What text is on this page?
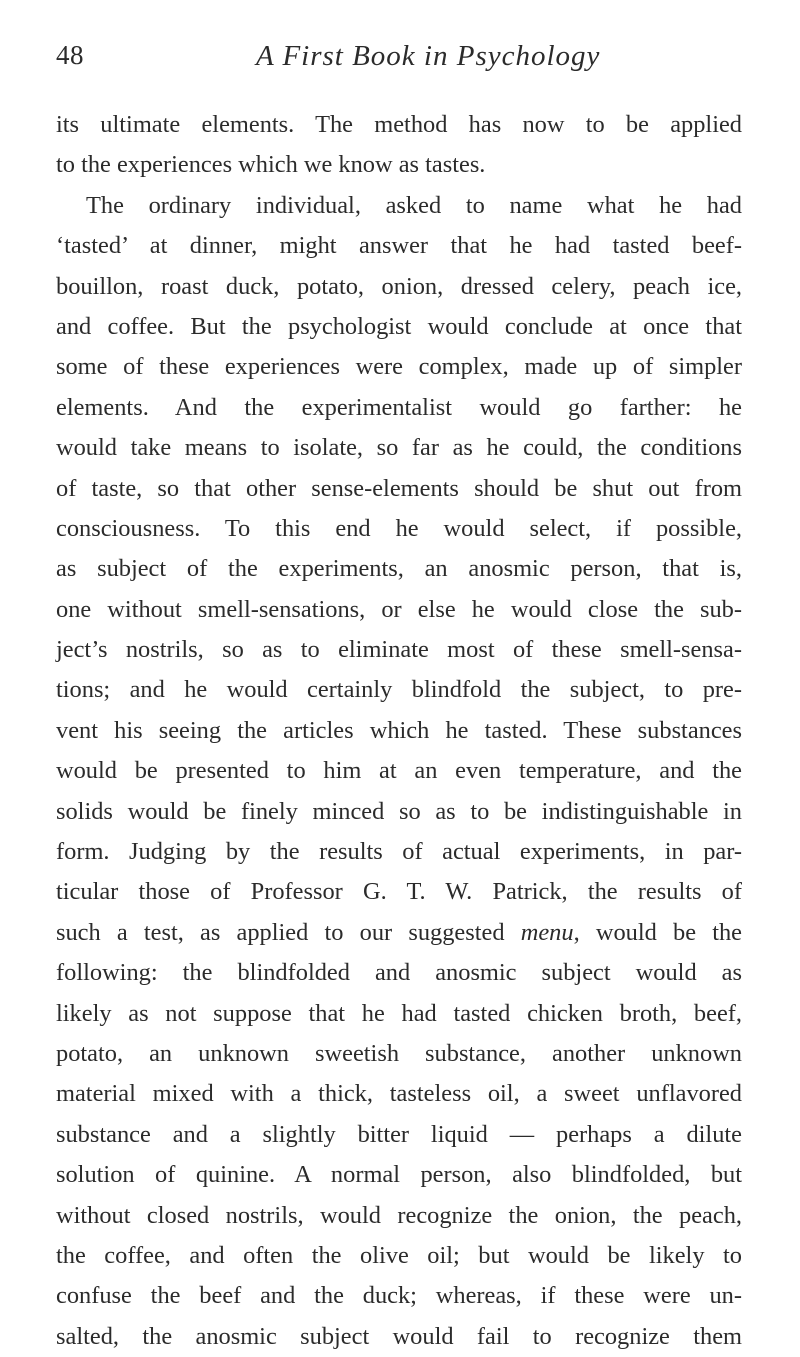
48	A First Book in Psychology
its ultimate elements. The method has now to be applied
to the experiences which we know as tastes.
The ordinary individual, asked to name what he had
‘tasted’ at dinner, might answer that he had tasted beef-
bouillon, roast duck, potato, onion, dressed celery, peach ice,
and coffee. But the psychologist would conclude at once that
some of these experiences were complex, made up of simpler
elements. And the experimentalist would go farther: he
would take means to isolate, so far as he could, the conditions
of taste, so that other sense-elements should be shut out from
consciousness. To this end he would select, if possible,
as subject of the experiments, an anosmic person, that is,
one without smell-sensations, or else he would close the sub-
ject’s nostrils, so as to eliminate most of these smell-sensa-
tions; and he would certainly blindfold the subject, to pre-
vent his seeing the articles which he tasted. These substances
would be presented to him at an even temperature, and the
solids would be finely minced so as to be indistinguishable in
form. Judging by the results of actual experiments, in par-
ticular those of Professor G. T. W. Patrick, the results of
such a test, as applied to our suggested menu, would be the
following: the blindfolded and anosmic subject would as
likely as not suppose that he had tasted chicken broth, beef,
potato, an unknown sweetish substance, another unknown
material mixed with a thick, tasteless oil, a sweet unflavored
substance and a slightly bitter liquid — perhaps a dilute
solution of quinine. A normal person, also blindfolded, but
without closed nostrils, would recognize the onion, the peach,
the coffee, and often the olive oil; but would be likely to
confuse the beef and the duck; whereas, if these were un-
salted, the anosmic subject would fail to recognize them
